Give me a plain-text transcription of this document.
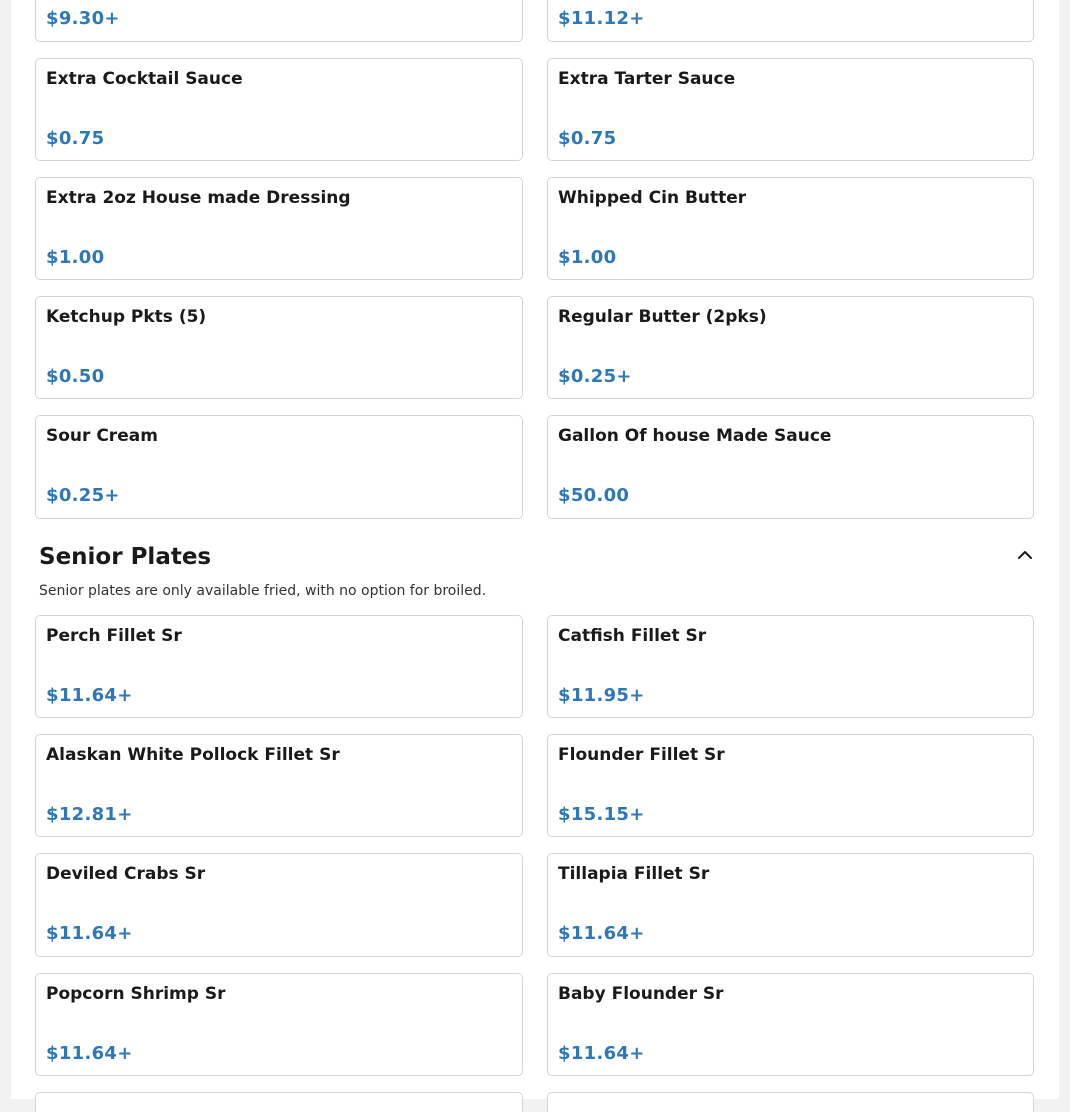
$9.30+	$11.12+
Extra Cocktail Sauce
$0.75
Extra Tarter Sauce
$0.75
Extra 2oz House made Dressing
$1.00
Whipped Cin Butter
$1.00
Ketchup Pkts (5)
$0.50
Regular Butter (2pks)
$0.25+
Sour Cream
$0.25+
Gallon Of house Made Sauce
$50.00
Senior Plates
Senior plates are only available fried, with no option for broiled.
Perch Fillet Sr
$11.64+
Catfish Fillet Sr
$11.95+
Alaskan White Pollock Fillet Sr
$12.81+
Flounder Fillet Sr
$15.15+
Deviled Crabs Sr
$11.64+
Tillapia Fillet Sr
$11.64+
Popcorn Shrimp Sr
$11.64+
Baby Flounder Sr
$11.64+
